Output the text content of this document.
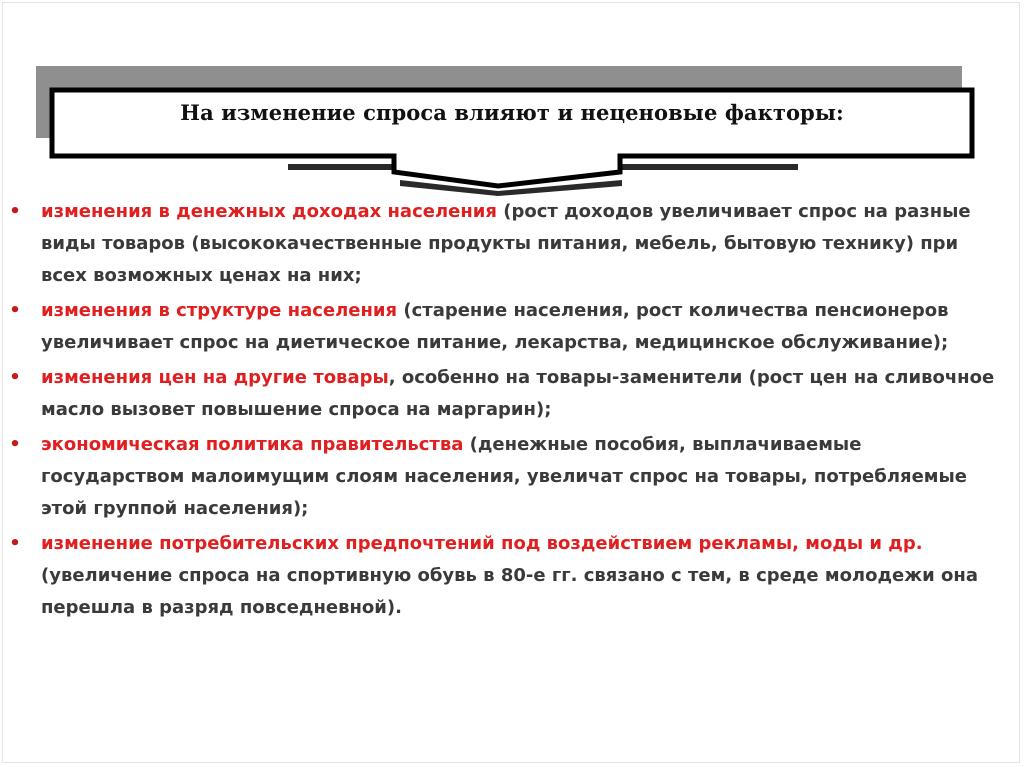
На изменение спроса влияют и неценовые факторы:
• изменения в денежных доходах населения (рост доходов увеличивает спрос на разные виды товаров (высококачественные продукты питания, мебель, бытовую технику) при всех возможных ценах на них;
• изменения в структуре населения (старение населения, рост количества пенсионеров увеличивает спрос на диетическое питание, лекарства, медицинское обслуживание);
• изменения цен на другие товары, особенно на товары-заменители (рост цен на сливочное масло вызовет повышение спроса на маргарин);
• экономическая политика правительства (денежные пособия, выплачиваемые государством малоимущим слоям населения, увеличат спрос на товары, потребляемые этой группой населения);
• изменение потребительских предпочтений под воздействием рекламы, моды и др. (увеличение спроса на спортивную обувь в 80-е гг. связано с тем, в среде молодежи она перешла в разряд повседневной).
